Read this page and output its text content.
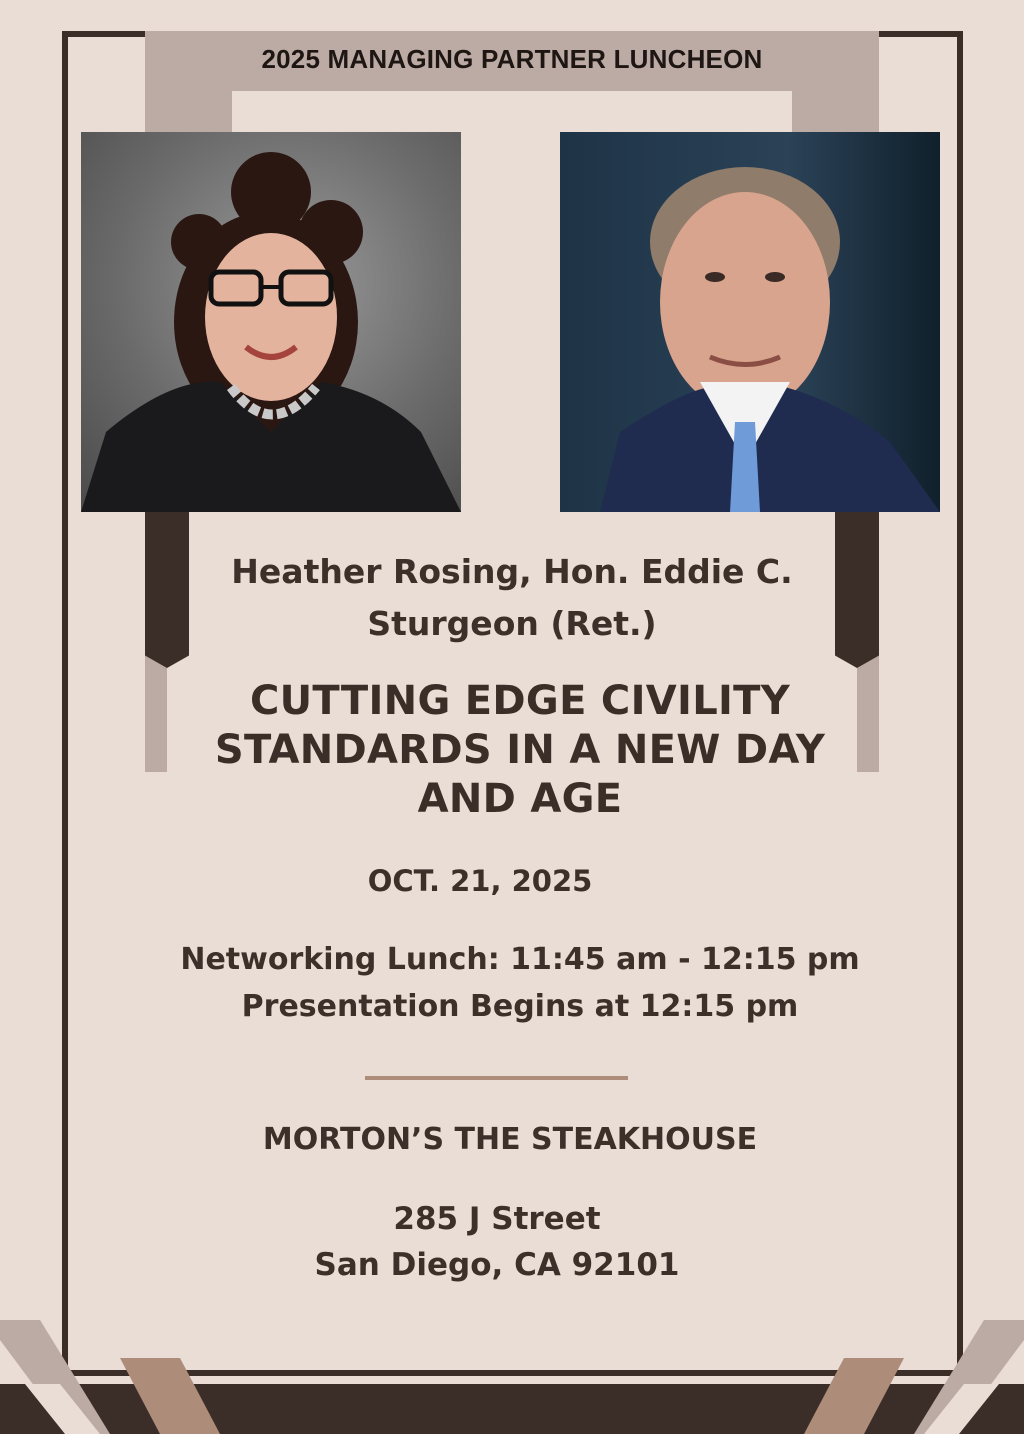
2025 MANAGING PARTNER LUNCHEON
Heather Rosing, Hon. Eddie C. Sturgeon (Ret.)
CUTTING EDGE CIVILITY STANDARDS IN A NEW DAY AND AGE
OCT. 21, 2025
Networking Lunch: 11:45 am - 12:15 pm
Presentation Begins at 12:15 pm
MORTON’S THE STEAKHOUSE
285 J Street
San Diego, CA 92101
